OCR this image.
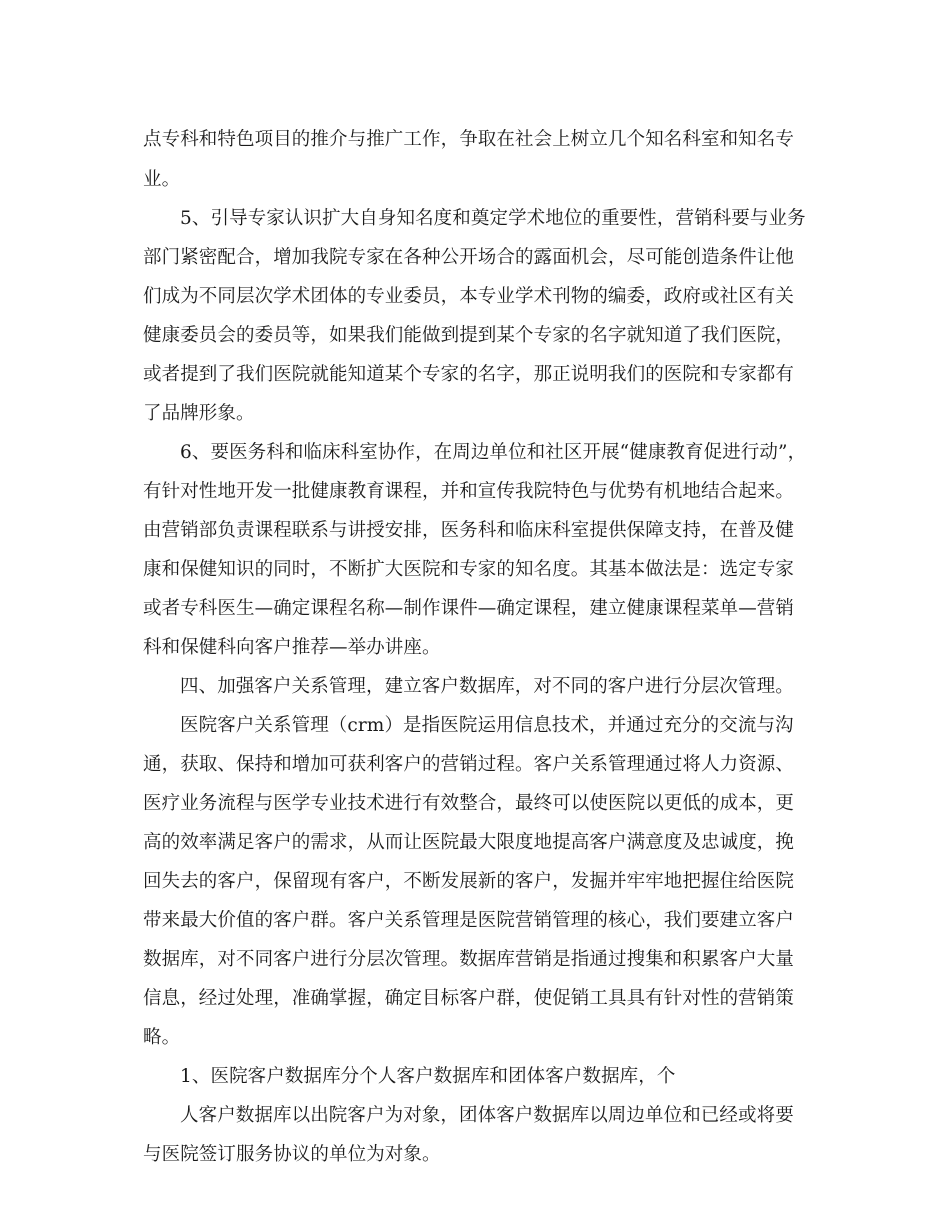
点专科和特色项目的推介与推广工作，争取在社会上树立几个知名科室和知名专
业。
5、引导专家认识扩大自身知名度和奠定学术地位的重要性，营销科要与业务
部门紧密配合，增加我院专家在各种公开场合的露面机会，尽可能创造条件让他
们成为不同层次学术团体的专业委员，本专业学术刊物的编委，政府或社区有关
健康委员会的委员等，如果我们能做到提到某个专家的名字就知道了我们医院，
或者提到了我们医院就能知道某个专家的名字，那正说明我们的医院和专家都有
了品牌形象。
6、要医务科和临床科室协作，在周边单位和社区开展“健康教育促进行动”，
有针对性地开发一批健康教育课程，并和宣传我院特色与优势有机地结合起来。
由营销部负责课程联系与讲授安排，医务科和临床科室提供保障支持，在普及健
康和保健知识的同时，不断扩大医院和专家的知名度。其基本做法是：选定专家
或者专科医生—确定课程名称—制作课件—确定课程，建立健康课程菜单—营销
科和保健科向客户推荐—举办讲座。
四、加强客户关系管理，建立客户数据库，对不同的客户进行分层次管理。
医院客户关系管理（crm）是指医院运用信息技术，并通过充分的交流与沟
通，获取、保持和增加可获利客户的营销过程。客户关系管理通过将人力资源、
医疗业务流程与医学专业技术进行有效整合，最终可以使医院以更低的成本，更
高的效率满足客户的需求，从而让医院最大限度地提高客户满意度及忠诚度，挽
回失去的客户，保留现有客户，不断发展新的客户，发掘并牢牢地把握住给医院
带来最大价值的客户群。客户关系管理是医院营销管理的核心，我们要建立客户
数据库，对不同客户进行分层次管理。数据库营销是指通过搜集和积累客户大量
信息，经过处理，准确掌握，确定目标客户群，使促销工具具有针对性的营销策
略。
1、医院客户数据库分个人客户数据库和团体客户数据库，个
人客户数据库以出院客户为对象，团体客户数据库以周边单位和已经或将要
与医院签订服务协议的单位为对象。
